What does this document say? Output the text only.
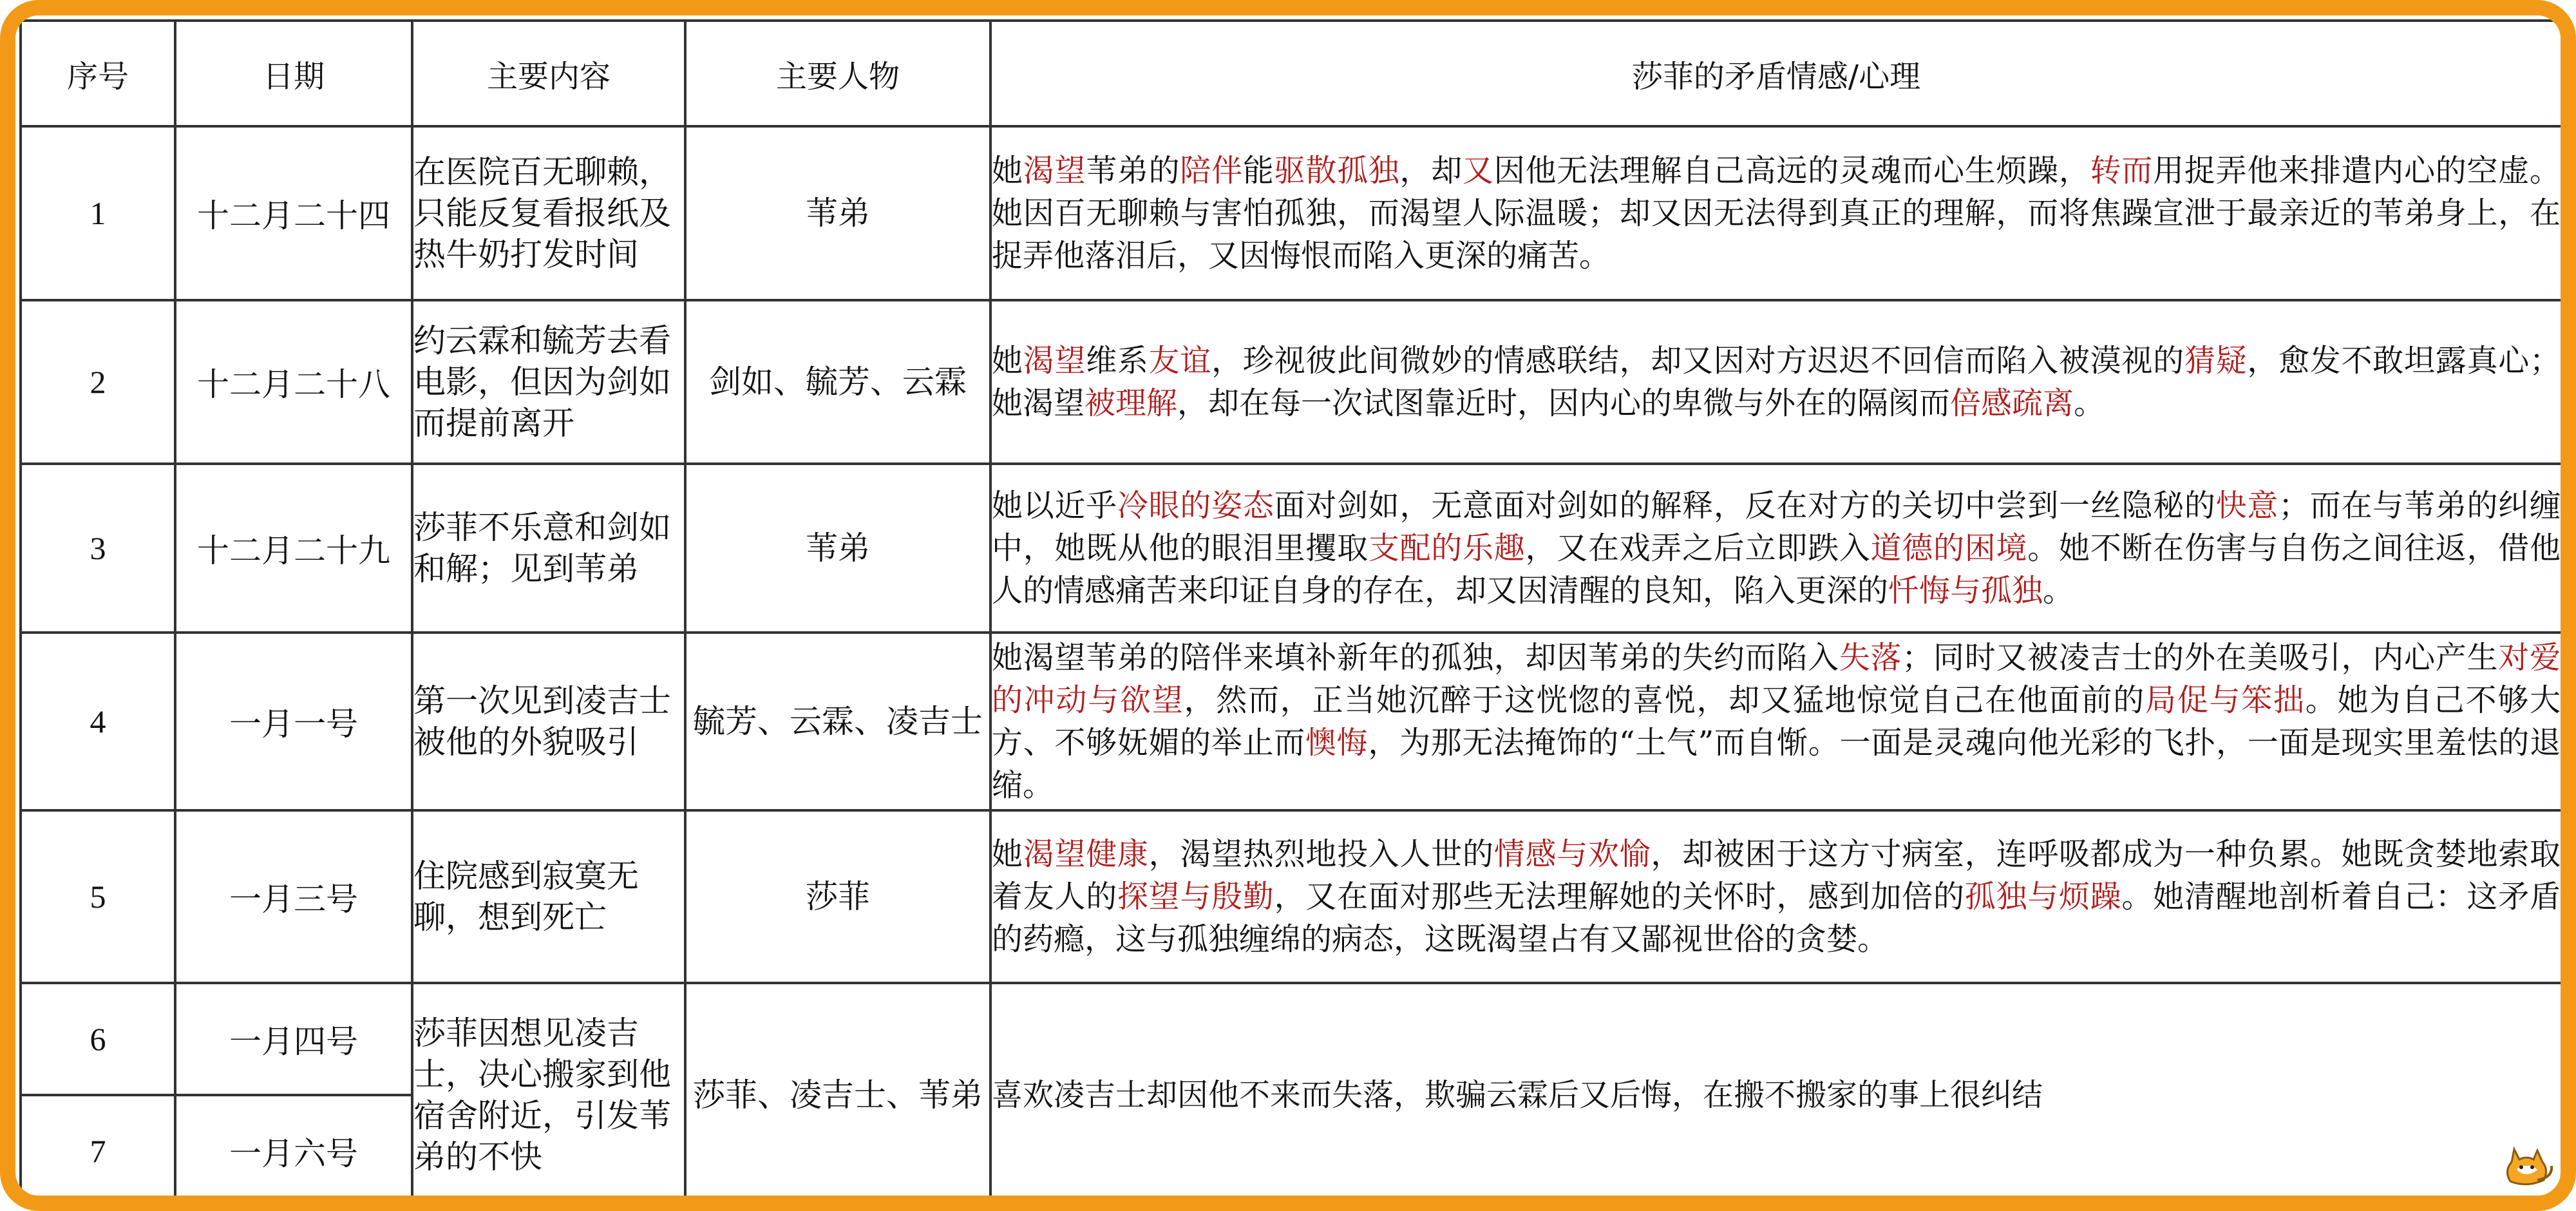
序号	日期	主要内容	主要人物	莎菲的矛盾情感/心理
1	十二月二十四	在医院百无聊赖，只能反复看报纸及热牛奶打发时间	苇弟	她渴望苇弟的陪伴能驱散孤独，却又因他无法理解自己高远的灵魂而心生烦躁，转而用捉弄他来排遣内心的空虚。她因百无聊赖与害怕孤独，而渴望人际温暖；却又因无法得到真正的理解，而将焦躁宣泄于最亲近的苇弟身上，在捉弄他落泪后，又因悔恨而陷入更深的痛苦。
2	十二月二十八	约云霖和毓芳去看电影，但因为剑如而提前离开	剑如、毓芳、云霖	她渴望维系友谊，珍视彼此间微妙的情感联结，却又因对方迟迟不回信而陷入被漠视的猜疑，愈发不敢坦露真心；她渴望被理解，却在每一次试图靠近时，因内心的卑微与外在的隔阂而倍感疏离。
3	十二月二十九	莎菲不乐意和剑如和解；见到苇弟	苇弟	她以近乎冷眼的姿态面对剑如，无意面对剑如的解释，反在对方的关切中尝到一丝隐秘的快意；而在与苇弟的纠缠中，她既从他的眼泪里攫取支配的乐趣，又在戏弄之后立即跌入道德的困境。她不断在伤害与自伤之间往返，借他人的情感痛苦来印证自身的存在，却又因清醒的良知，陷入更深的忏悔与孤独。
4	一月一号	第一次见到凌吉士被他的外貌吸引	毓芳、云霖、凌吉士	她渴望苇弟的陪伴来填补新年的孤独，却因苇弟的失约而陷入失落；同时又被凌吉士的外在美吸引，内心产生对爱的冲动与欲望，然而，正当她沉醉于这恍惚的喜悦，却又猛地惊觉自己在他面前的局促与笨拙。她为自己不够大方、不够妩媚的举止而懊悔，为那无法掩饰的“土气”而自惭。一面是灵魂向他光彩的飞扑，一面是现实里羞怯的退缩。
5	一月三号	住院感到寂寞无聊，想到死亡	莎菲	她渴望健康，渴望热烈地投入人世的情感与欢愉，却被困于这方寸病室，连呼吸都成为一种负累。她既贪婪地索取着友人的探望与殷勤，又在面对那些无法理解她的关怀时，感到加倍的孤独与烦躁。她清醒地剖析着自己：这矛盾的药瘾，这与孤独缠绵的病态，这既渴望占有又鄙视世俗的贪婪。
6	一月四号	莎菲因想见凌吉士，决心搬家到他宿舍附近，引发苇弟的不快	莎菲、凌吉士、苇弟	喜欢凌吉士却因他不来而失落，欺骗云霖后又后悔，在搬不搬家的事上很纠结
7	一月六号			
